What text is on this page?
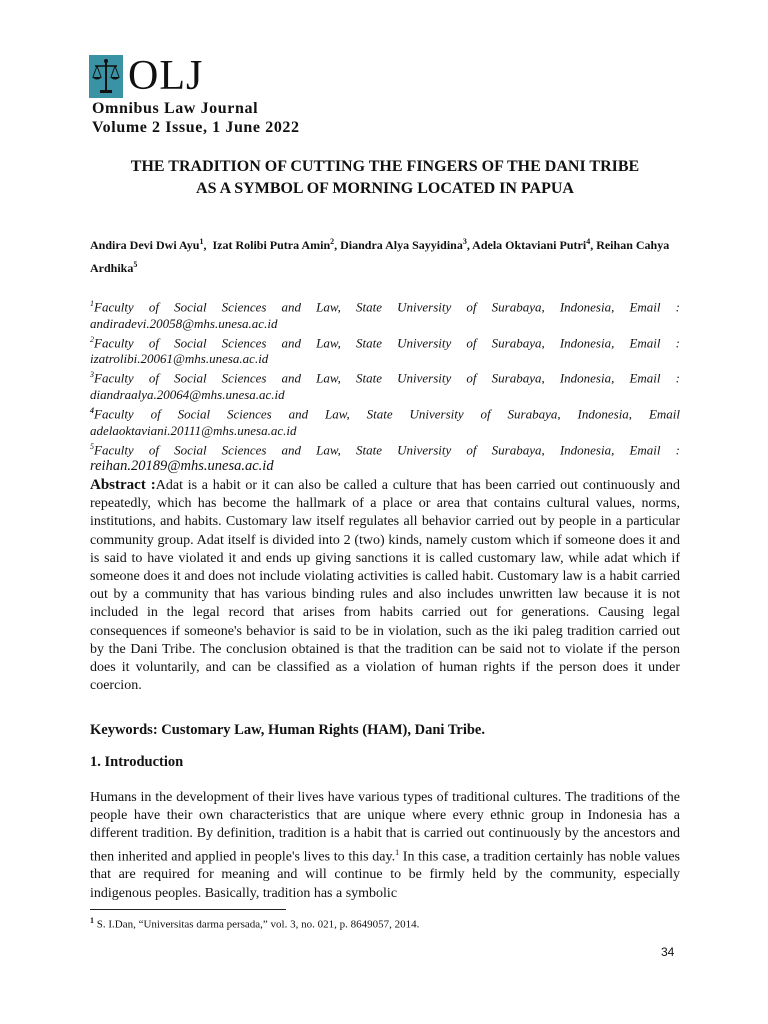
OLJ
Omnibus Law Journal
Volume 2 Issue, 1 June 2022
THE TRADITION OF CUTTING THE FINGERS OF THE DANI TRIBE
AS A SYMBOL OF MORNING LOCATED IN PAPUA
Andira Devi Dwi Ayu$^1$,  Izat Rolibi Putra Amin$^2$, Diandra Alya Sayyidina$^3$, Adela Oktaviani Putri$^4$, Reihan Cahya Ardhika$^5$
$^1$Faculty of Social Sciences and Law, State University of Surabaya, Indonesia, Email :
andiradevi.20058@mhs.unesa.ac.id
$^2$Faculty of Social Sciences and Law, State University of Surabaya, Indonesia, Email :
izatrolibi.20061@mhs.unesa.ac.id
$^3$Faculty of Social Sciences and Law, State University of Surabaya, Indonesia, Email :
diandraalya.20064@mhs.unesa.ac.id
$^4$Faculty of Social Sciences and Law, State University of Surabaya, Indonesia, Email
adelaoktaviani.20111@mhs.unesa.ac.id
$^5$Faculty of Social Sciences and Law, State University of Surabaya, Indonesia, Email :
reihan.20189@mhs.unesa.ac.id
Abstract :Adat is a habit or it can also be called a culture that has been carried out continuously and repeatedly, which has become the hallmark of a place or area that contains cultural values, norms, institutions, and habits. Customary law itself regulates all behavior carried out by people in a particular community group. Adat itself is divided into 2 (two) kinds, namely custom which if someone does it and is said to have violated it and ends up giving sanctions it is called customary law, while adat which if someone does it and does not include violating activities is called habit. Customary law is a habit carried out by a community that has various binding rules and also includes unwritten law because it is not included in the legal record that arises from habits carried out for generations. Causing legal consequences if someone's behavior is said to be in violation, such as the iki paleg tradition carried out by the Dani Tribe. The conclusion obtained is that the tradition can be said not to violate if the person does it voluntarily, and can be classified as a violation of human rights if the person does it under coercion.
Keywords: Customary Law, Human Rights (HAM), Dani Tribe.
1. Introduction
Humans in the development of their lives have various types of traditional cultures. The traditions of the people have their own characteristics that are unique where every ethnic group in Indonesia has a different tradition. By definition, tradition is a habit that is carried out continuously by the ancestors and then inherited and applied in people's lives to this day.$^1$ In this case, a tradition certainly has noble values that are required for meaning and will continue to be firmly held by the community, especially indigenous peoples. Basically, tradition has a symbolic
$^1$ S. I.Dan, “Universitas darma persada,” vol. 3, no. 021, p. 8649057, 2014.
34
